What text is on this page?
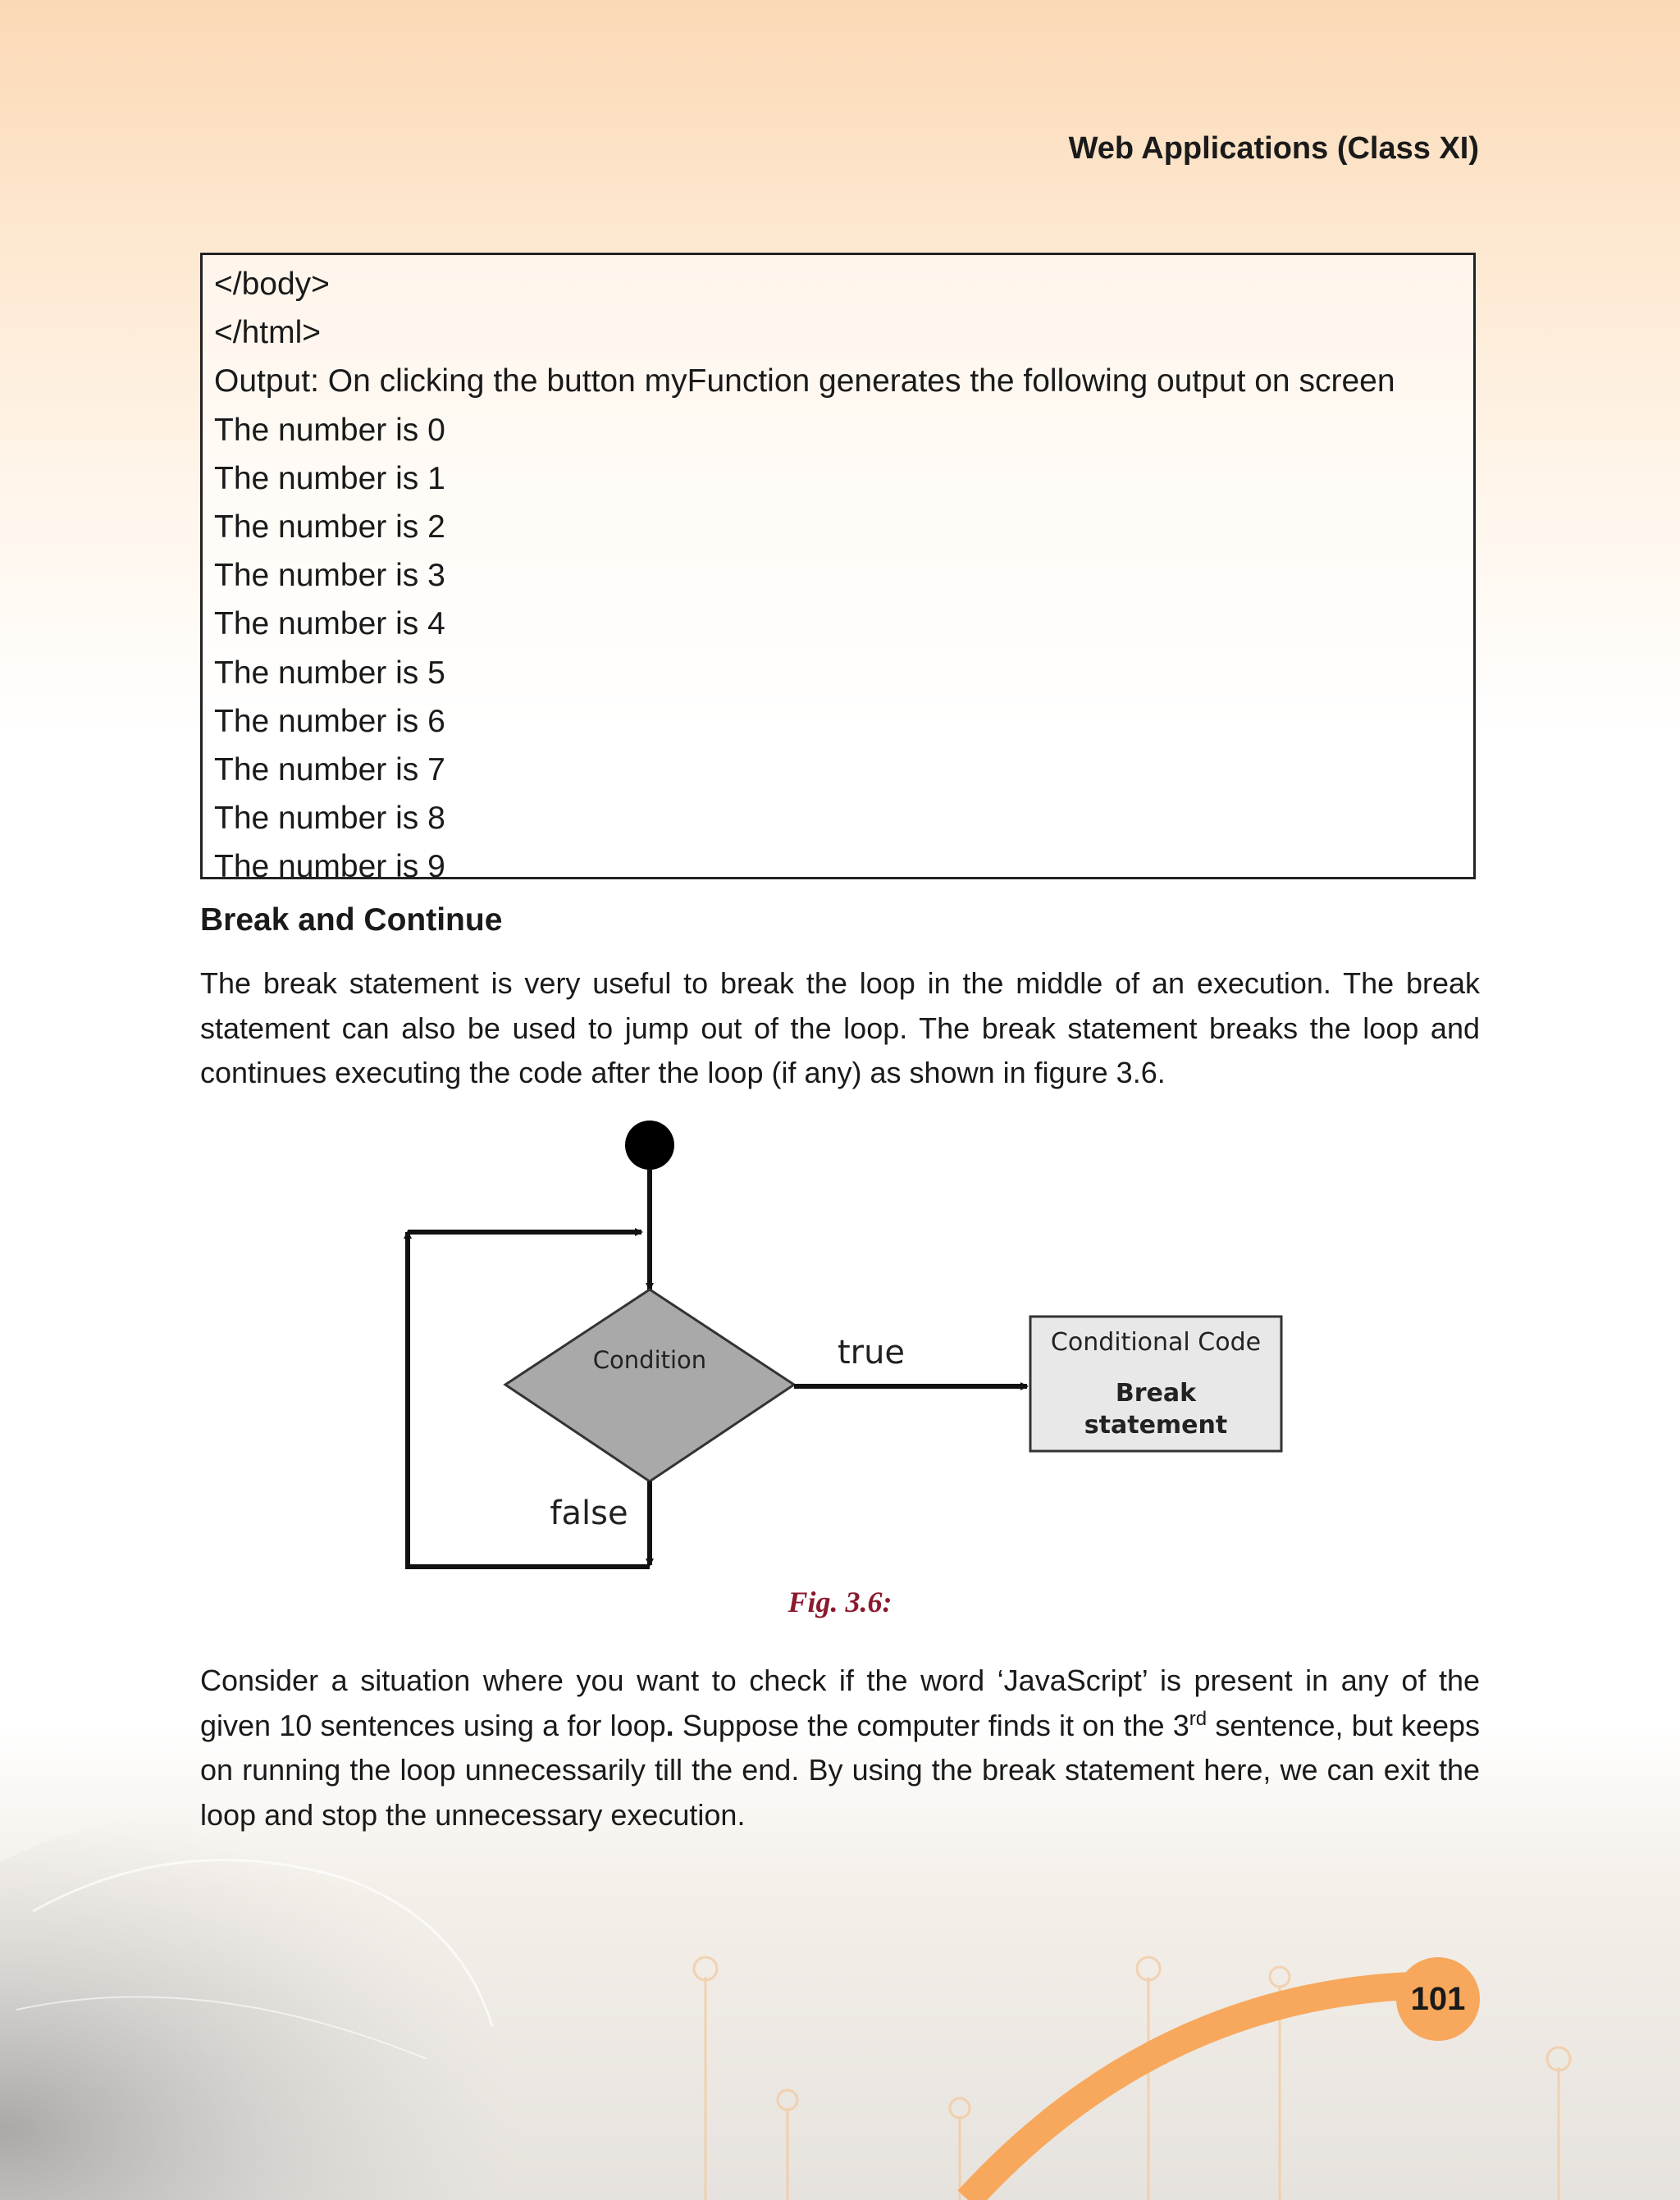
Web Applications (Class XI)

</body>

</html>

Output: On clicking the button myFunction generates the following output on screen

The number is 0

The number is 1

The number is 2

The number is 3

The number is 4

The number is 5

The number is 6

The number is 7

The number is 8

The number is 9

Break and Continue

The break statement is very useful to break the loop in the middle of an execution. The break statement can also be used to jump out of the loop. The break statement breaks the loop and continues executing the code after the loop (if any) as shown in figure 3.6.

Condition
false
true	Conditional Code
Break
statement

Fig. 3.6:

Consider a situation where you want to check if the word ‘JavaScript’ is present in any of the given 10 sentences using a for loop. Suppose the computer finds it on the 3rd sentence, but keeps on running the loop unnecessarily till the end. By using the break statement here, we can exit the loop and stop the unnecessary execution.

101
